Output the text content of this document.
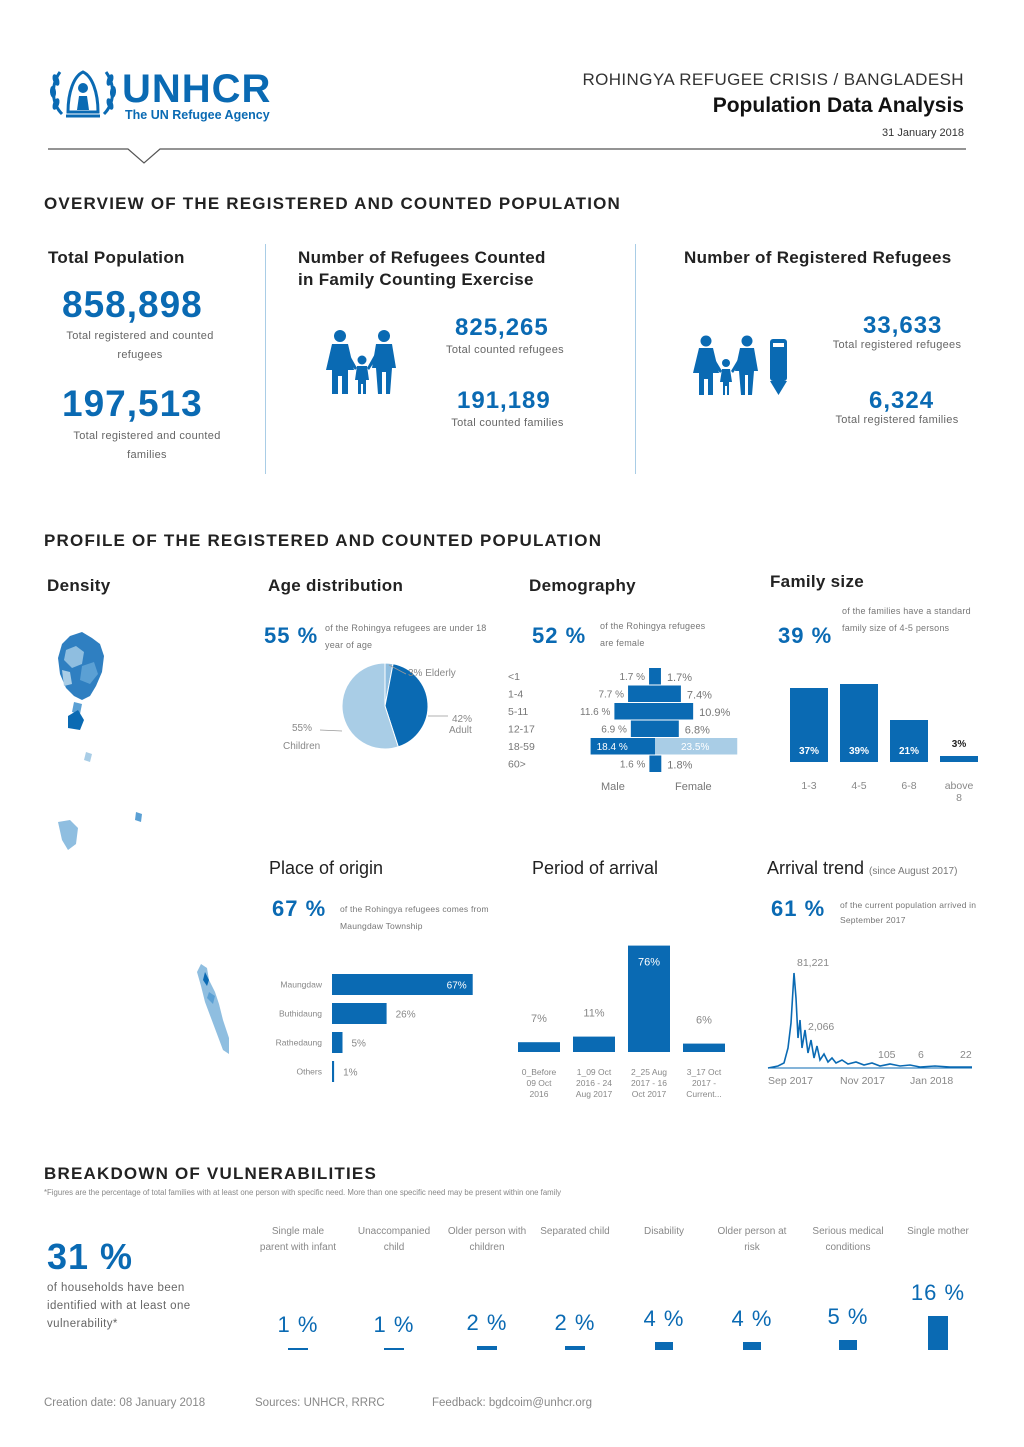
UNHCR
The UN Refugee Agency
ROHINGYA REFUGEE CRISIS / BANGLADESH
Population Data Analysis
31 January 2018
OVERVIEW OF THE REGISTERED AND COUNTED POPULATION
Total Population
858,898
Total registered and counted refugees
197,513
Total registered and counted families
Number of Refugees Counted
in Family Counting Exercise
825,265
Total counted refugees
191,189
Total counted families
Number of Registered Refugees
33,633
Total registered refugees
6,324
Total registered families
PROFILE OF THE REGISTERED AND COUNTED POPULATION
Density	Age distribution
55 % of the Rohingya refugees are under 18 year of age
3% Elderly
42%
Adult
55%
Children
Demography
52 % of the Rohingya refugees are female
<1	1.7 % 1.7%
1-4	7.7 %	7.4%
5-11	11.6 %	10.9%
12-17	6.9 %	6.8%
18-59	18.4 %	23.5%
60>	1.6 % 1.8%
Male	Female
Family size
39 %
of the families have a standard family size of 4-5 persons
37%
1-3
39%
4-5
21%
6-8
3%
above
8
Place of origin
67 % of the Rohingya refugees comes from Maungdaw Township
Maungdaw	67%
Buthidaung	26%
Rathedaung	5%
Others 1%
Period of arrival
7%
0_Before
09 Oct
2016
11%
1_09 Oct
2016 - 24
Aug 2017
76%
2_25 Aug
2017 - 16
Oct 2017
6%
3_17 Oct
2017 -
Current...
Arrival trend (since August 2017)
61 % of the current population arrived in September 2017
81,221
2,066
105 6	22
Sep 2017	Nov 2017 Jan 2018
BREAKDOWN OF VULNERABILITIES
*Figures are the percentage of total families with at least one person with specific need. More than one specific need may be present within one family
31 %
of households have been identified with at least one vulnerability*
Single male parent with infant
1 %
Unaccompanied child
1 %
Older person with children
2 %
Separated child
2 %
Disability
4 %
Older person at risk
4 %
Serious medical conditions
5 %
Single mother
16 %
Creation date: 08 January 2018	Sources: UNHCR, RRRC	Feedback: bgdcoim@unhcr.org
